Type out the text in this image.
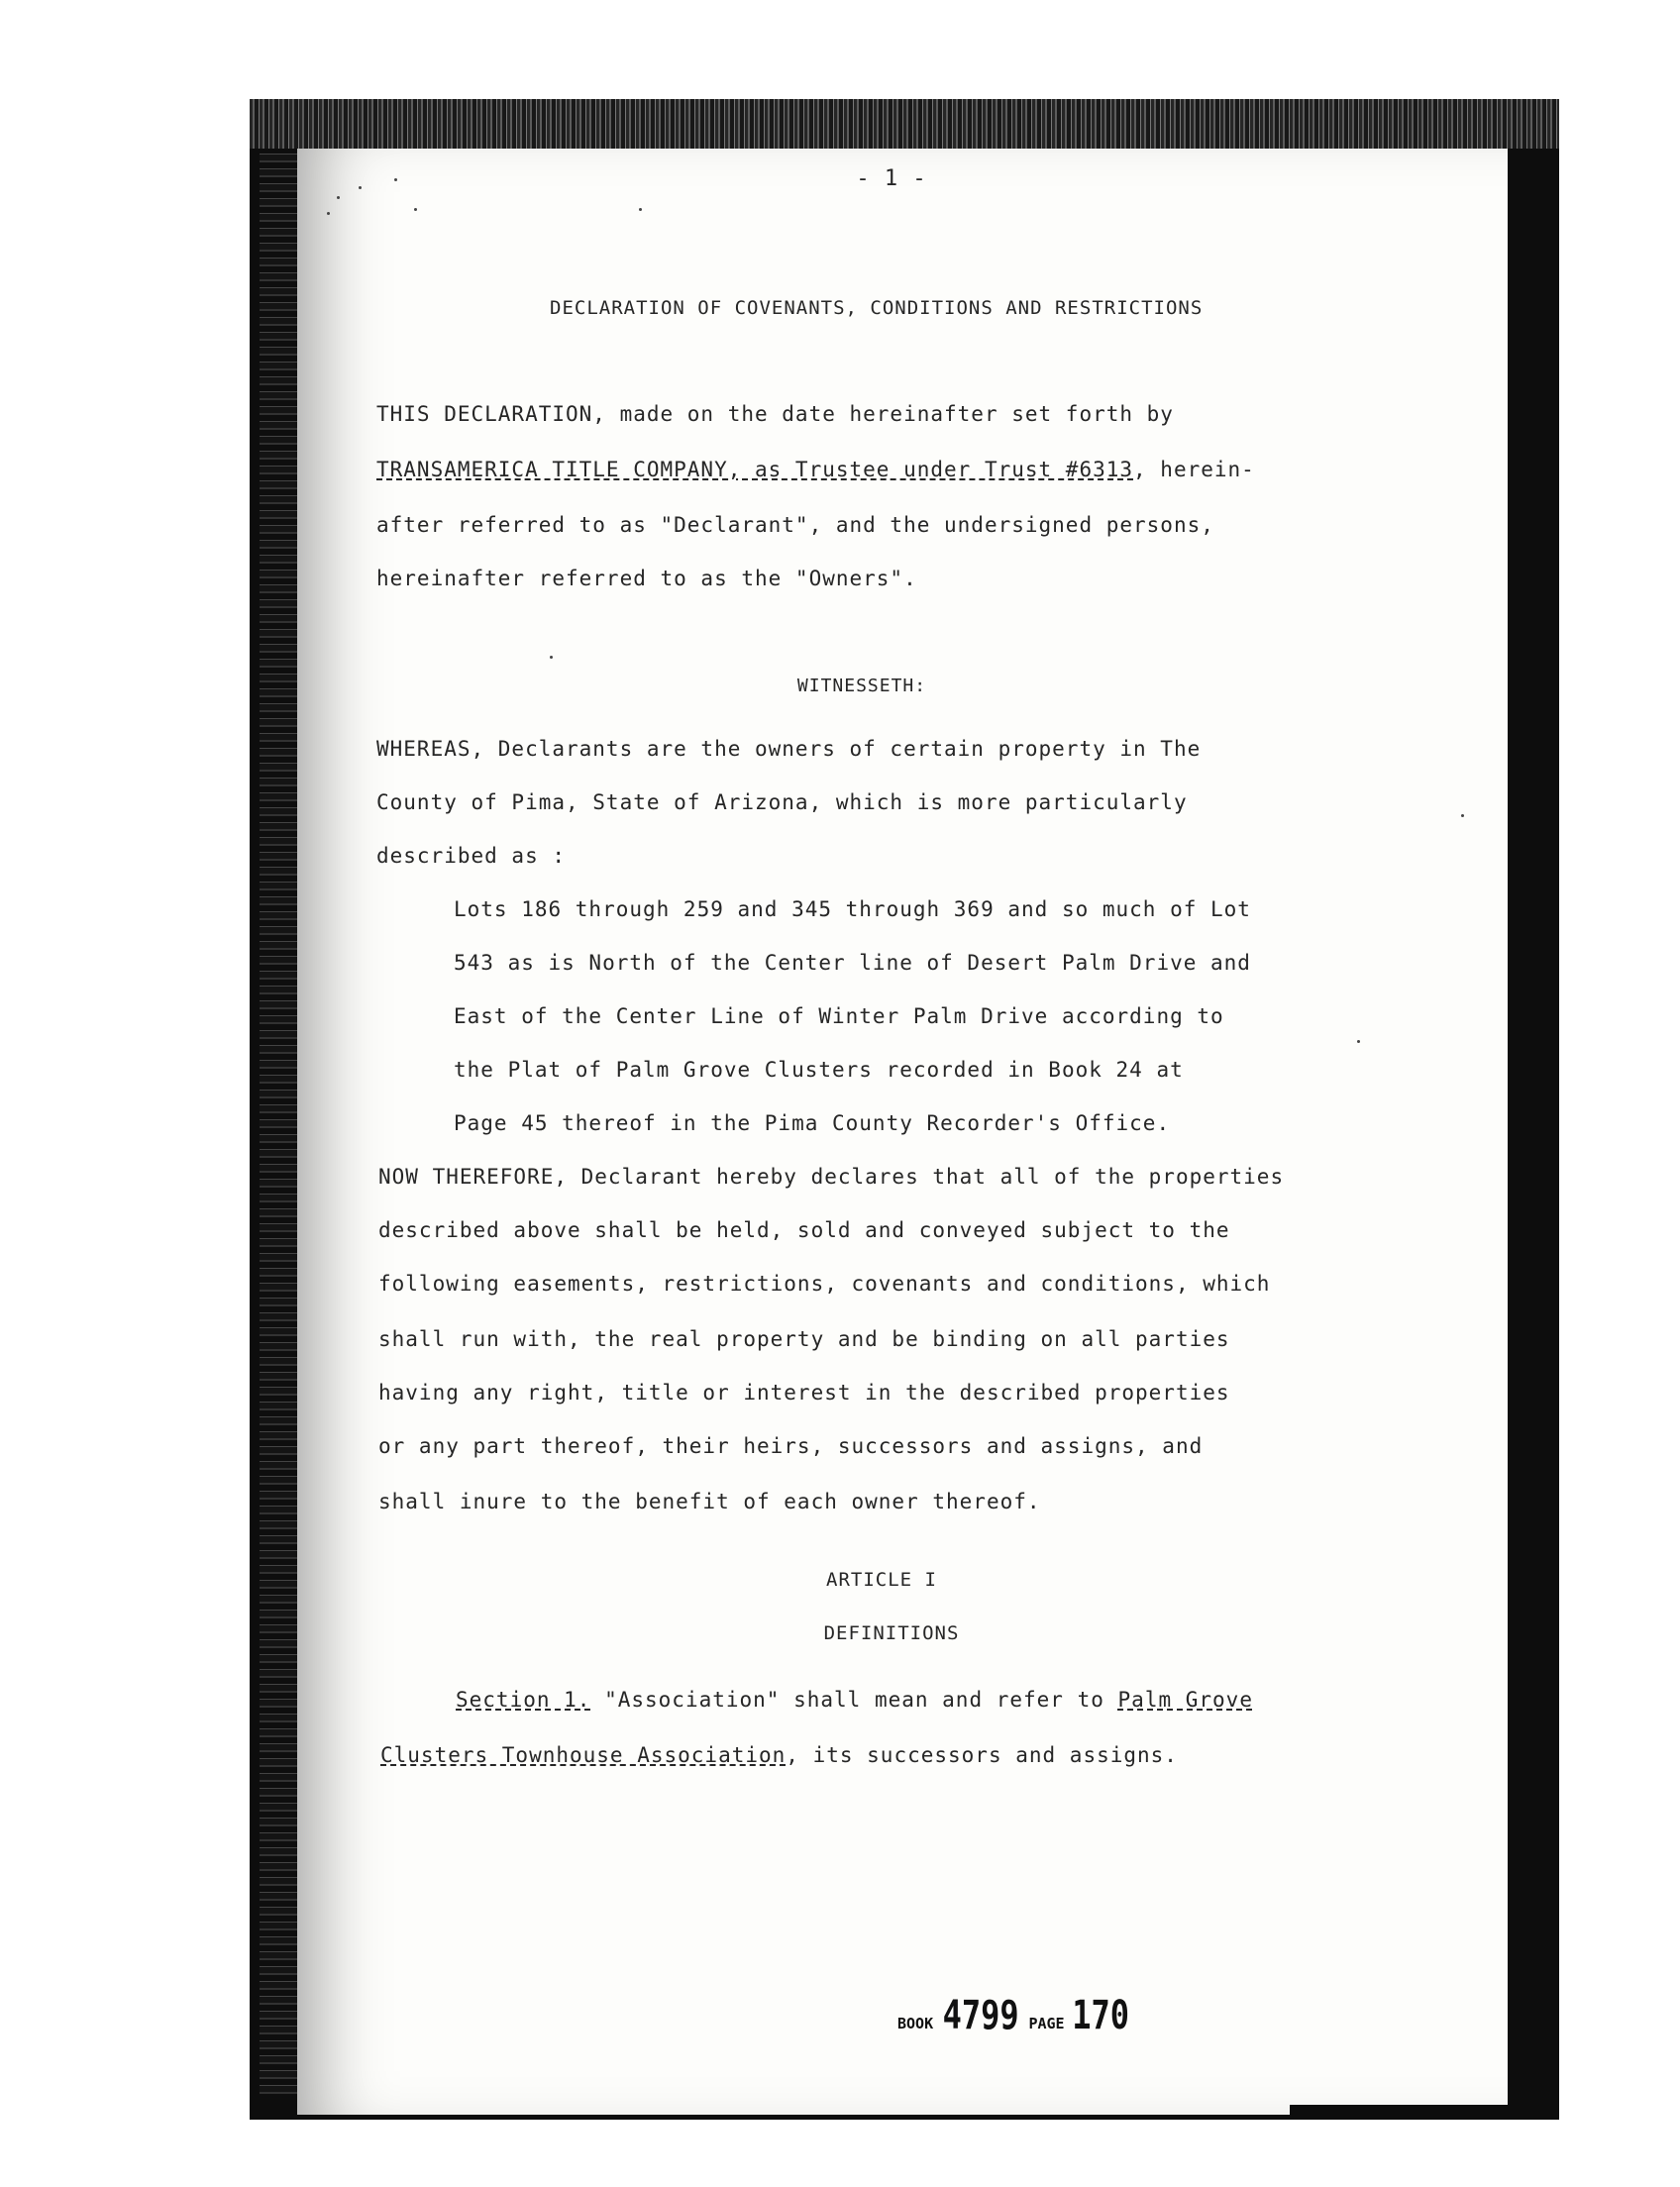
- 1 -
DECLARATION OF COVENANTS, CONDITIONS AND RESTRICTIONS
THIS DECLARATION, made on the date hereinafter set forth by
TRANSAMERICA TITLE COMPANY, as Trustee under Trust #6313, herein-
after referred to as "Declarant", and the undersigned persons,
hereinafter referred to as the "Owners".
WITNESSETH:
WHEREAS, Declarants are the owners of certain property in The
County of Pima, State of Arizona, which is more particularly
described as :
Lots 186 through 259 and 345 through 369 and so much of Lot
543 as is North of the Center line of Desert Palm Drive and
East of the Center Line of Winter Palm Drive according to
the Plat of Palm Grove Clusters recorded in Book 24 at
Page 45 thereof in the Pima County Recorder's Office.
NOW THEREFORE, Declarant hereby declares that all of the properties
described above shall be held, sold and conveyed subject to the
following easements, restrictions, covenants and conditions, which
shall run with, the real property and be binding on all parties
having any right, title or interest in the described properties
or any part thereof, their heirs, successors and assigns, and
shall inure to the benefit of each owner thereof.
ARTICLE I
DEFINITIONS
Section 1. "Association" shall mean and refer to Palm Grove
Clusters Townhouse Association, its successors and assigns.
BOOK 4799 PAGE 170
